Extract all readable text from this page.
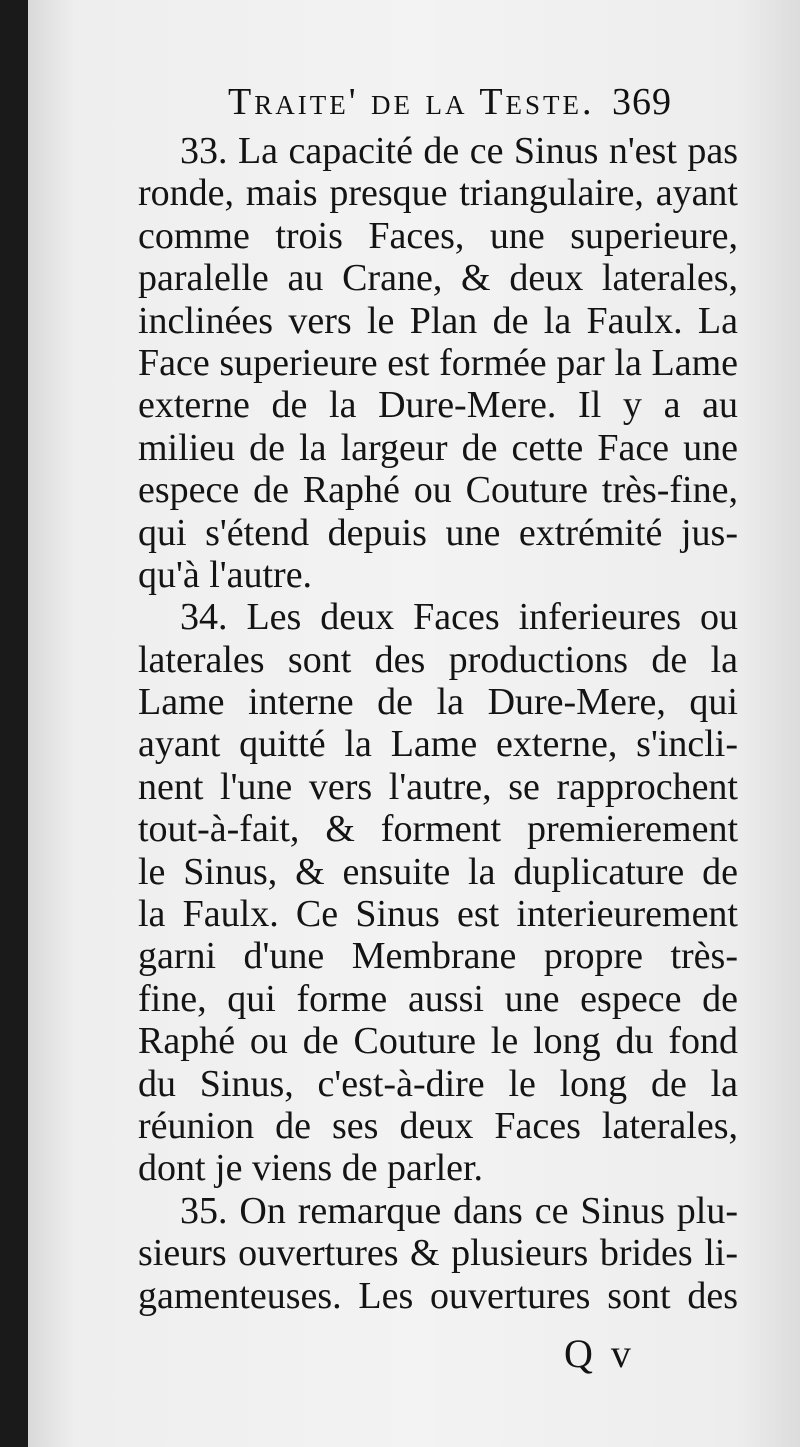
Traite' de la Teste. 369
33. La capacité de ce Sinus n'est pas
ronde, mais presque triangulaire, ayant
comme trois Faces, une superieure,
paralelle au Crane, & deux laterales,
inclinées vers le Plan de la Faulx. La
Face superieure est formée par la Lame
externe de la Dure-Mere. Il y a au
milieu de la largeur de cette Face une
espece de Raphé ou Couture très-fine,
qui s'étend depuis une extrémité jus-
qu'à l'autre.
34. Les deux Faces inferieures ou
laterales sont des productions de la
Lame interne de la Dure-Mere, qui
ayant quitté la Lame externe, s'incli-
nent l'une vers l'autre, se rapprochent
tout-à-fait, & forment premierement
le Sinus, & ensuite la duplicature de
la Faulx. Ce Sinus est interieurement
garni d'une Membrane propre très-
fine, qui forme aussi une espece de
Raphé ou de Couture le long du fond
du Sinus, c'est-à-dire le long de la
réunion de ses deux Faces laterales,
dont je viens de parler.
35. On remarque dans ce Sinus plu-
sieurs ouvertures & plusieurs brides li-
gamenteuses. Les ouvertures sont des
Q v
